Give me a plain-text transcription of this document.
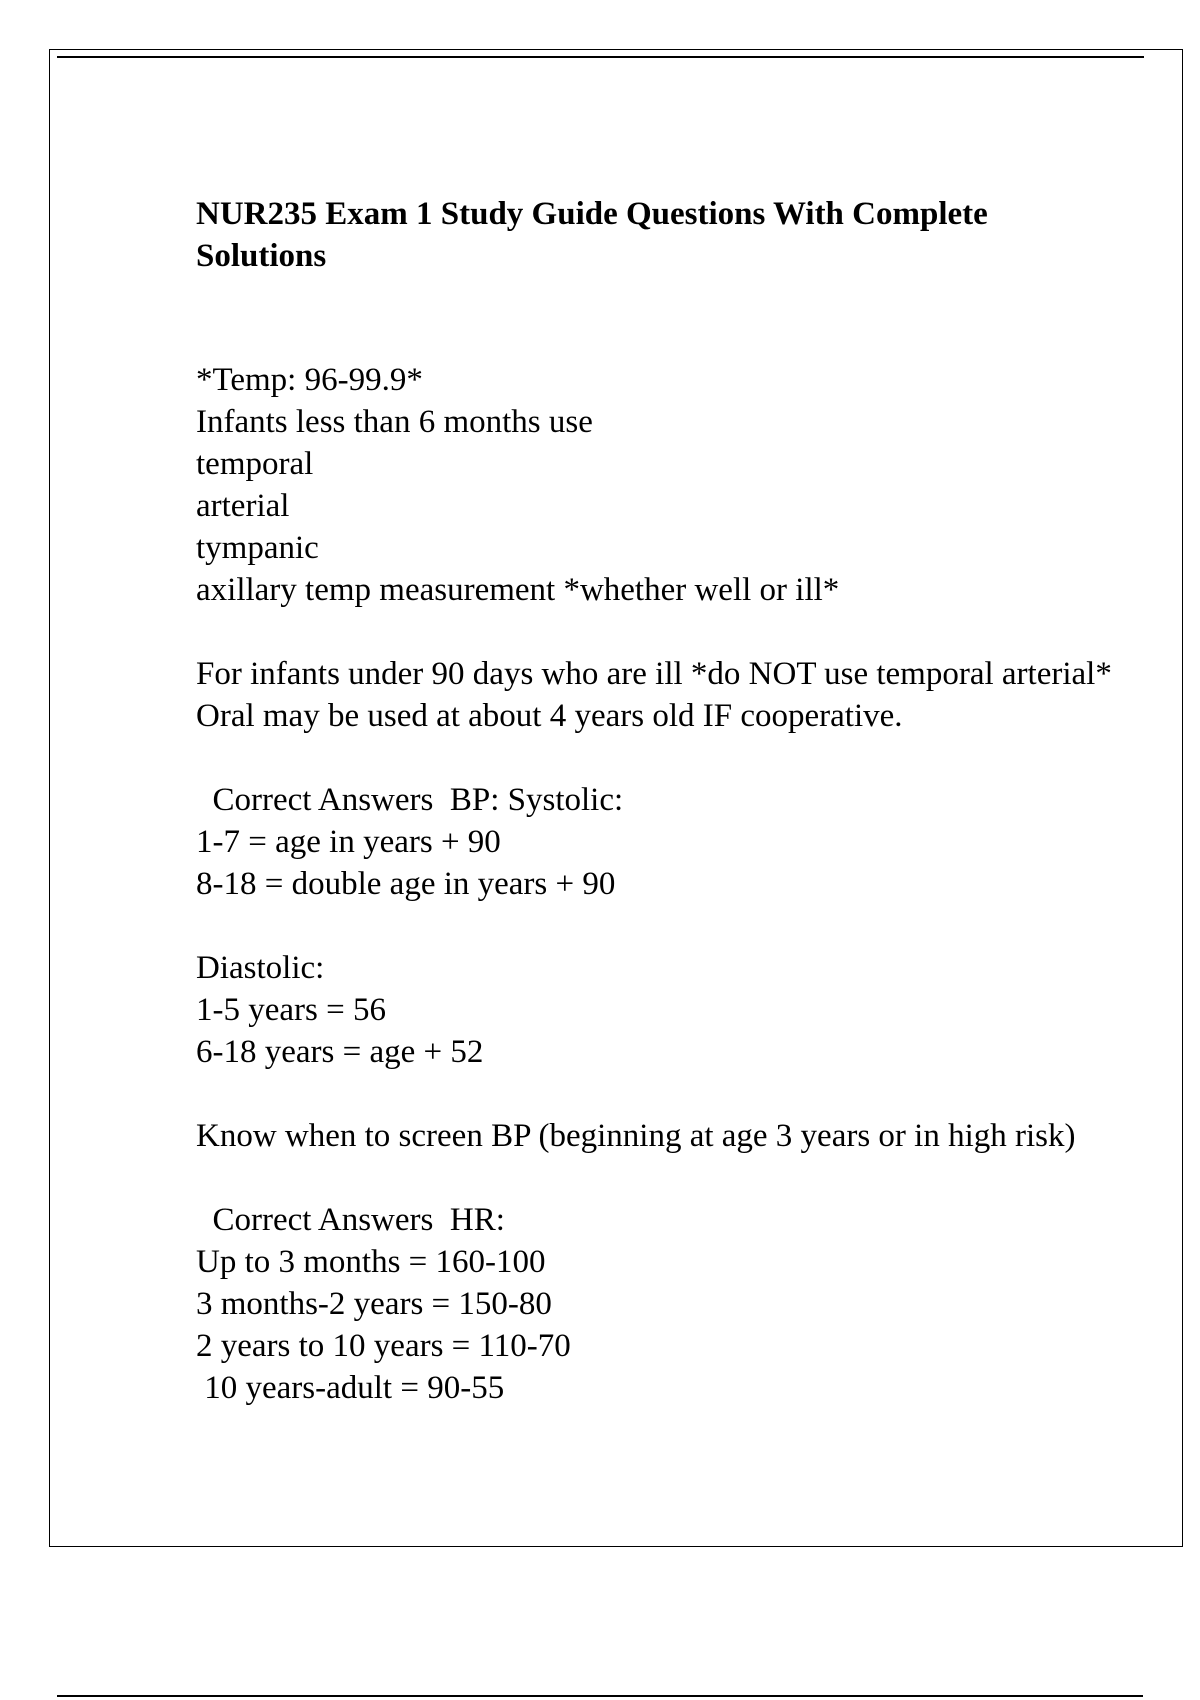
NUR235 Exam 1 Study Guide Questions With Complete Solutions
*Temp: 96-99.9*
Infants less than 6 months use
temporal
arterial
tympanic
axillary temp measurement *whether well or ill*
For infants under 90 days who are ill *do NOT use temporal arterial*
Oral may be used at about 4 years old IF cooperative.
Correct Answers  BP: Systolic:
1-7 = age in years + 90
8-18 = double age in years + 90
Diastolic:
1-5 years = 56
6-18 years = age + 52
Know when to screen BP (beginning at age 3 years or in high risk)
Correct Answers  HR:
Up to 3 months = 160-100
3 months-2 years = 150-80
2 years to 10 years = 110-70
10 years-adult = 90-55
